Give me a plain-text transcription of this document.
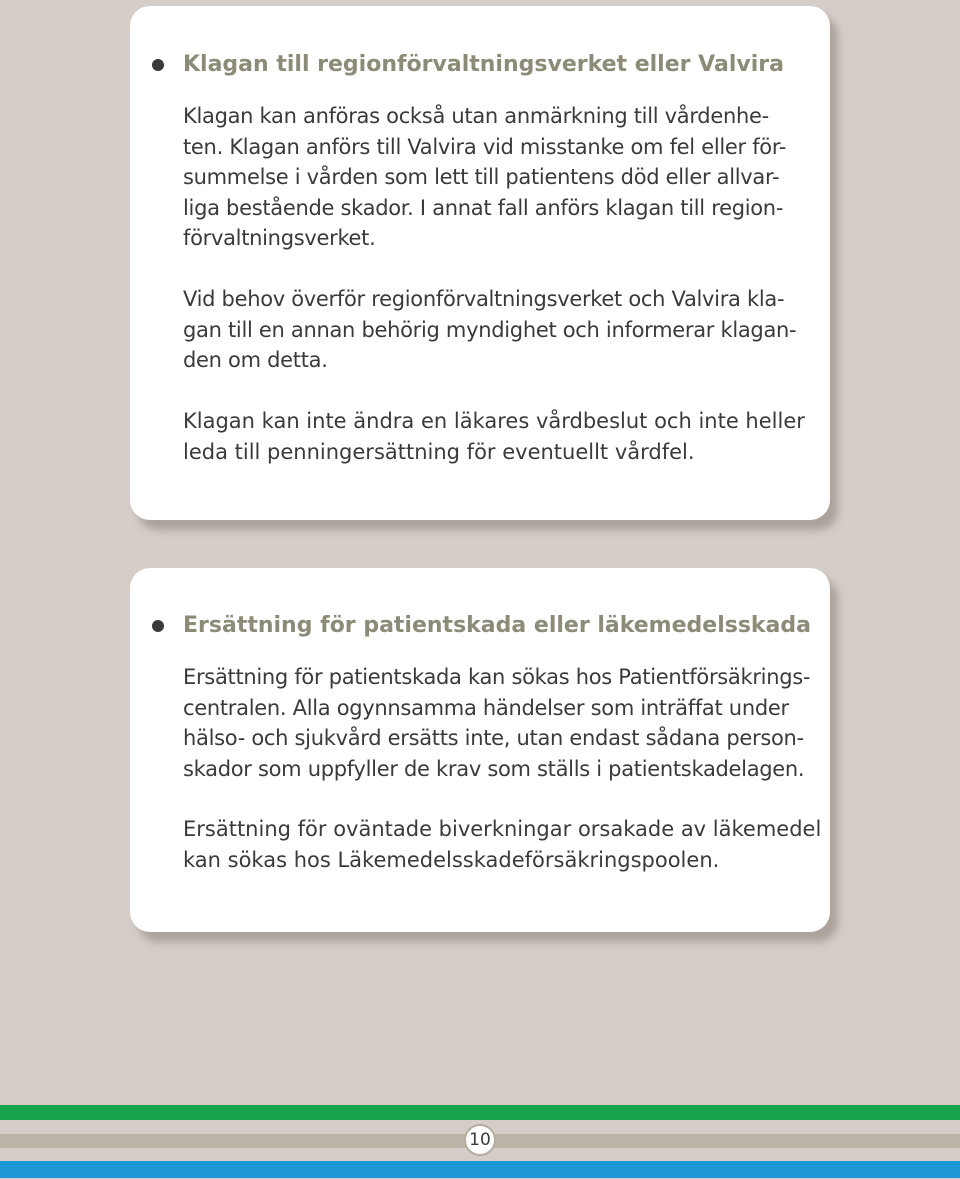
Klagan till regionförvaltningsverket eller Valvira

Klagan kan anföras också utan anmärkning till vårdenhe-
ten. Klagan anförs till Valvira vid misstanke om fel eller för-
summelse i vården som lett till patientens död eller allvar-
liga bestående skador. I annat fall anförs klagan till region-
förvaltningsverket.

Vid behov överför regionförvaltningsverket och Valvira kla-
gan till en annan behörig myndighet och informerar klagan-
den om detta.

Klagan kan inte ändra en läkares vårdbeslut och inte heller
leda till penningersättning för eventuellt vårdfel.

Ersättning för patientskada eller läkemedelsskada

Ersättning för patientskada kan sökas hos Patientförsäkrings-
centralen. Alla ogynnsamma händelser som inträffat under
hälso- och sjukvård ersätts inte, utan endast sådana person-
skador som uppfyller de krav som ställs i patientskadelagen.

Ersättning för oväntade biverkningar orsakade av läkemedel
kan sökas hos Läkemedelsskadeförsäkringspoolen.

10
